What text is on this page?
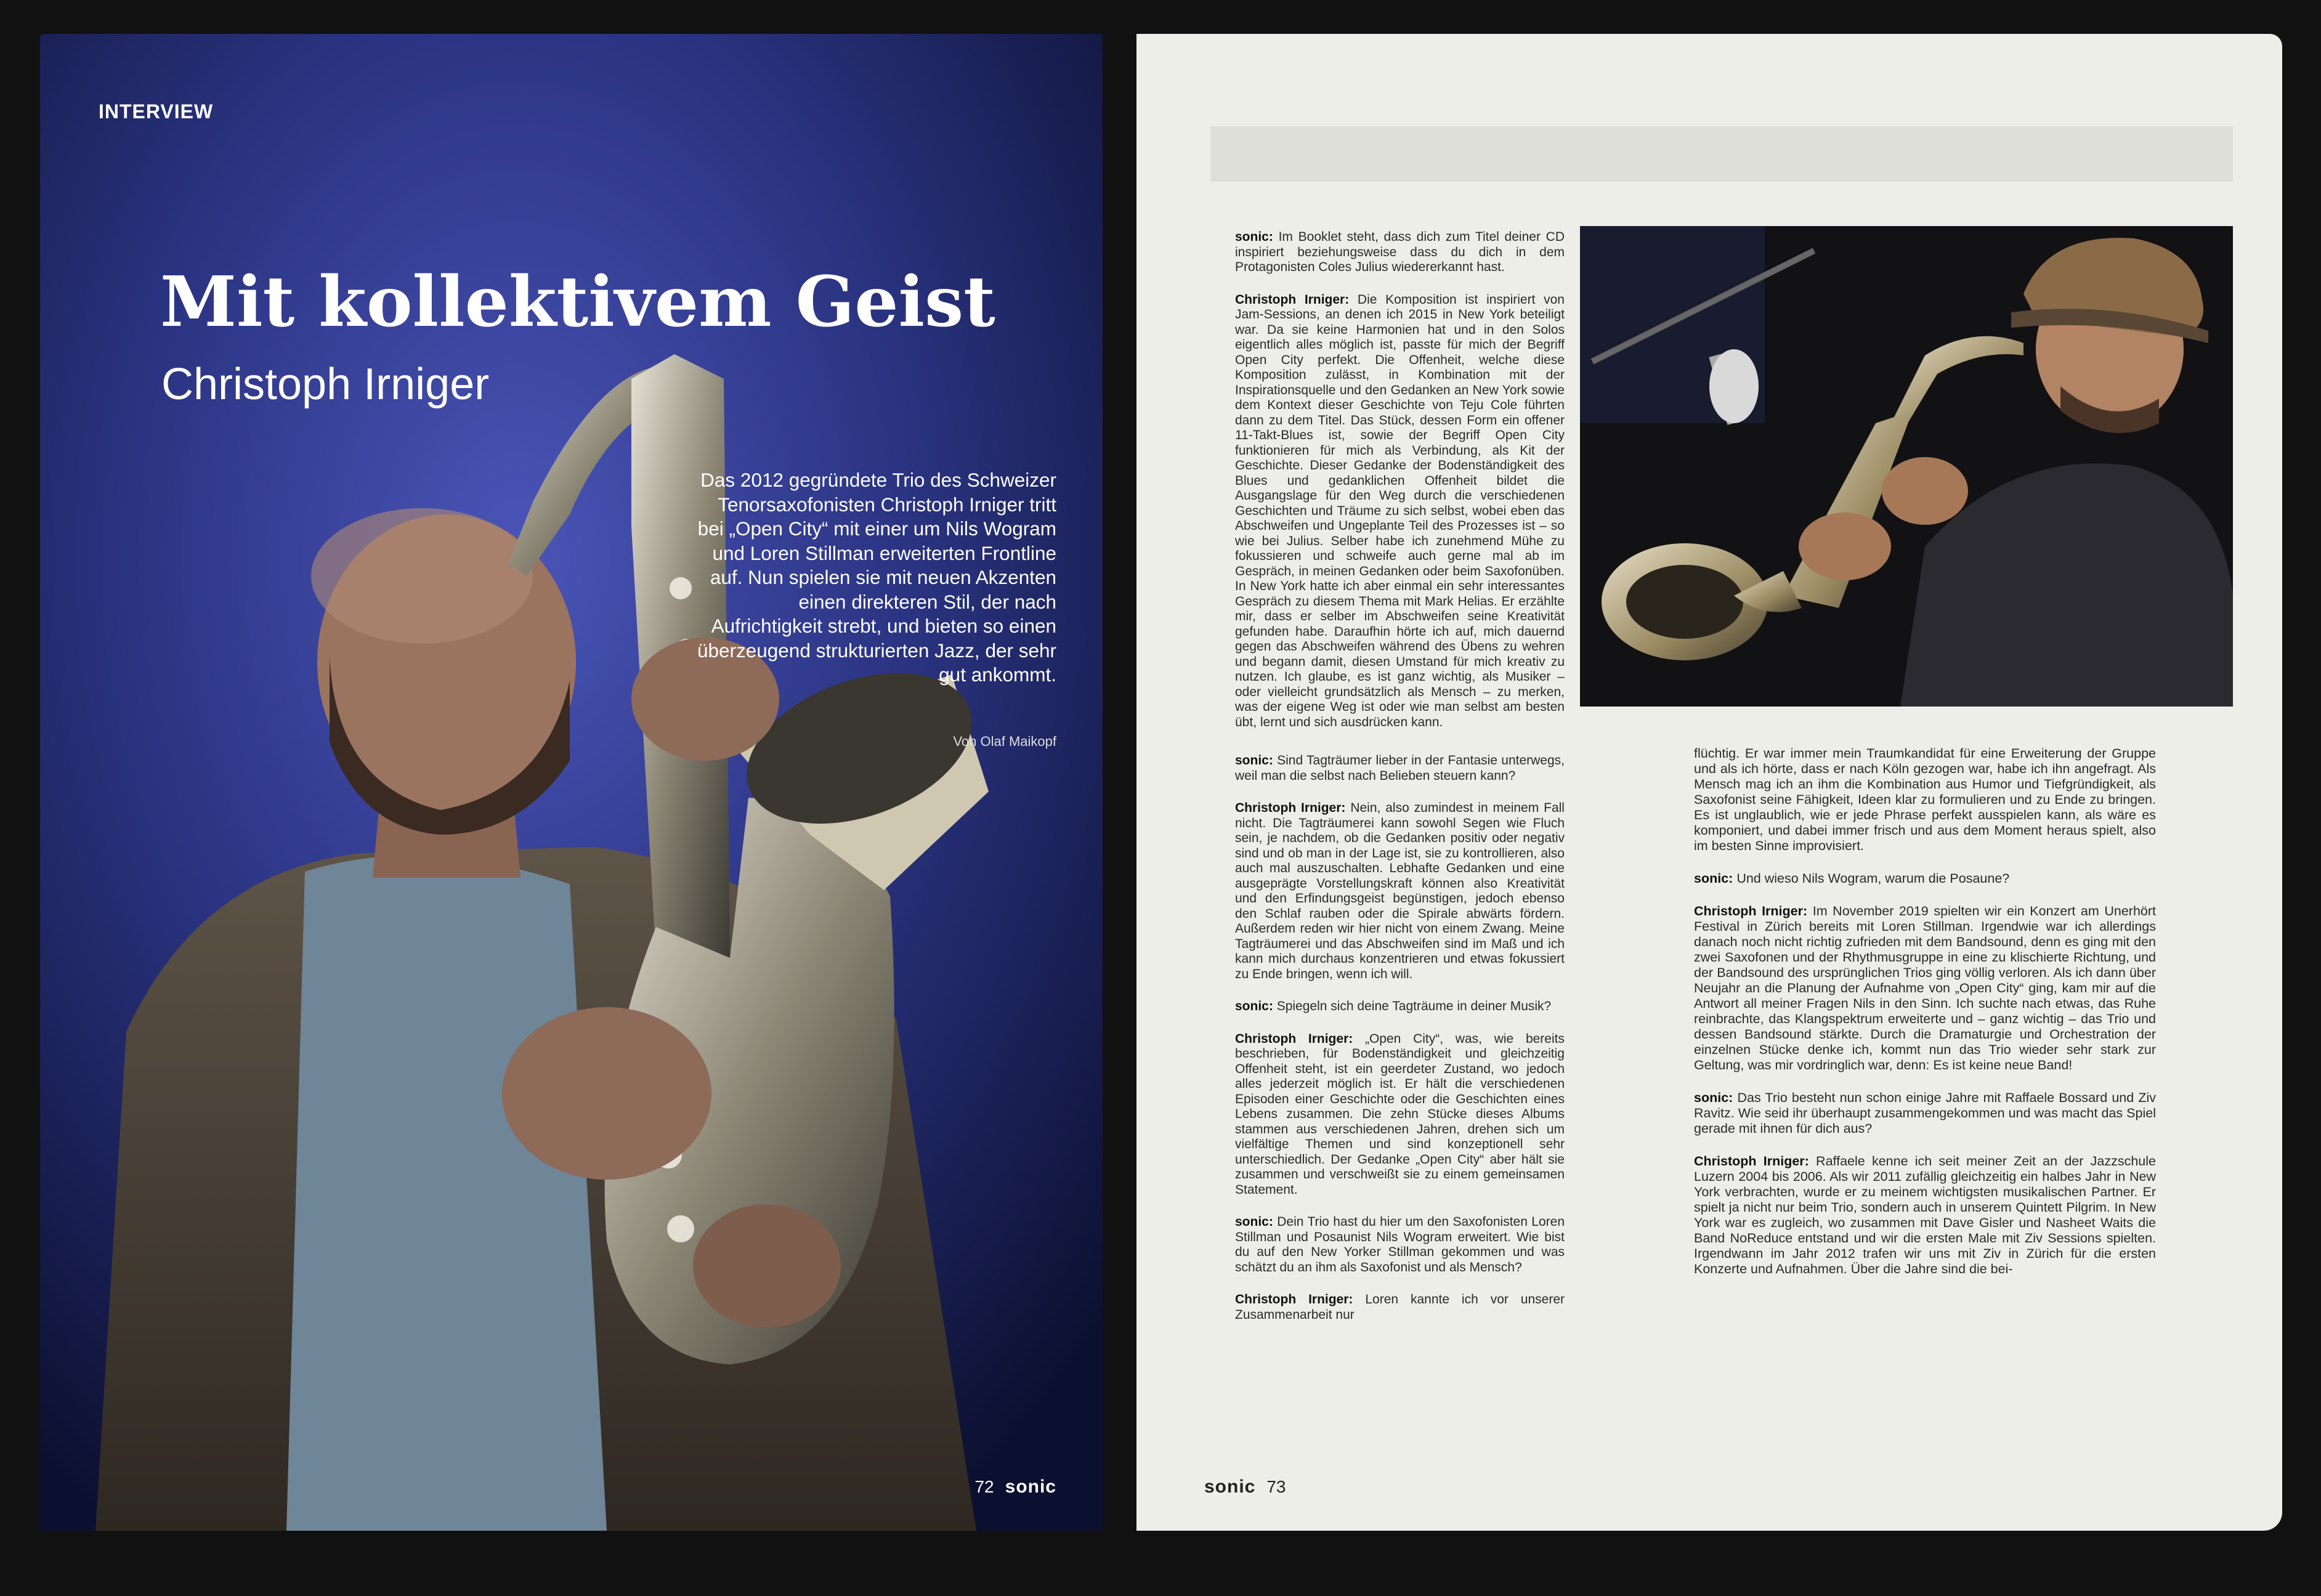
INTERVIEW
Mit kollektivem Geist
Christoph Irniger
Das 2012 gegründete Trio des Schweizer Tenorsaxofonisten Christoph Irniger tritt bei „Open City“ mit einer um Nils Wogram und Loren Stillman erweiterten Frontline auf. Nun spielen sie mit neuen Akzenten einen direkteren Stil, der nach Aufrichtigkeit strebt, und bieten so einen überzeugend strukturierten Jazz, der sehr gut ankommt.
Von Olaf Maikopf
72 sonic

sonic: Im Booklet steht, dass dich zum Titel deiner CD inspiriert beziehungsweise dass du dich in dem Protagonisten Coles Julius wiedererkannt hast.

Christoph Irniger: Die Komposition ist inspiriert von Jam-Sessions, an denen ich 2015 in New York beteiligt war. Da sie keine Harmonien hat und in den Solos eigentlich alles möglich ist, passte für mich der Begriff Open City perfekt. Die Offenheit, welche diese Komposition zulässt, in Kombination mit der Inspirationsquelle und den Gedanken an New York sowie dem Kontext dieser Geschichte von Teju Cole führten dann zu dem Titel. Das Stück, dessen Form ein offener 11-Takt-Blues ist, sowie der Begriff Open City funktionieren für mich als Verbindung, als Kit der Geschichte. Dieser Gedanke der Bodenständigkeit des Blues und gedanklichen Offenheit bildet die Ausgangslage für den Weg durch die verschiedenen Geschichten und Träume zu sich selbst, wobei eben das Abschweifen und Ungeplante Teil des Prozesses ist – so wie bei Julius. Selber habe ich zunehmend Mühe zu fokussieren und schweife auch gerne mal ab im Gespräch, in meinen Gedanken oder beim Saxofonüben. In New York hatte ich aber einmal ein sehr interessantes Gespräch zu diesem Thema mit Mark Helias. Er erzählte mir, dass er selber im Abschweifen seine Kreativität gefunden habe. Daraufhin hörte ich auf, mich dauernd gegen das Abschweifen während des Übens zu wehren und begann damit, diesen Umstand für mich kreativ zu nutzen. Ich glaube, es ist ganz wichtig, als Musiker – oder vielleicht grundsätzlich als Mensch – zu merken, was der eigene Weg ist oder wie man selbst am besten übt, lernt und sich ausdrücken kann.

sonic: Sind Tagträumer lieber in der Fantasie unterwegs, weil man die selbst nach Belieben steuern kann?

Christoph Irniger: Nein, also zumindest in meinem Fall nicht. Die Tagträumerei kann sowohl Segen wie Fluch sein, je nachdem, ob die Gedanken positiv oder negativ sind und ob man in der Lage ist, sie zu kontrollieren, also auch mal auszuschalten. Lebhafte Gedanken und eine ausgeprägte Vorstellungskraft können also Kreativität und den Erfindungsgeist begünstigen, jedoch ebenso den Schlaf rauben oder die Spirale abwärts fördern. Außerdem reden wir hier nicht von einem Zwang. Meine Tagträumerei und das Abschweifen sind im Maß und ich kann mich durchaus konzentrieren und etwas fokussiert zu Ende bringen, wenn ich will.

sonic: Spiegeln sich deine Tagträume in deiner Musik?

Christoph Irniger: „Open City“, was, wie bereits beschrieben, für Bodenständigkeit und gleichzeitig Offenheit steht, ist ein geerdeter Zustand, wo jedoch alles jederzeit möglich ist. Er hält die verschiedenen Episoden einer Geschichte oder die Geschichten eines Lebens zusammen. Die zehn Stücke dieses Albums stammen aus verschiedenen Jahren, drehen sich um vielfältige Themen und sind konzeptionell sehr unterschiedlich. Der Gedanke „Open City“ aber hält sie zusammen und verschweißt sie zu einem gemeinsamen Statement.

sonic: Dein Trio hast du hier um den Saxofonisten Loren Stillman und Posaunist Nils Wogram erweitert. Wie bist du auf den New Yorker Stillman gekommen und was schätzt du an ihm als Saxofonist und als Mensch?

Christoph Irniger: Loren kannte ich vor unserer Zusammenarbeit nur

flüchtig. Er war immer mein Traumkandidat für eine Erweiterung der Gruppe und als ich hörte, dass er nach Köln gezogen war, habe ich ihn angefragt. Als Mensch mag ich an ihm die Kombination aus Humor und Tiefgründigkeit, als Saxofonist seine Fähigkeit, Ideen klar zu formulieren und zu Ende zu bringen. Es ist unglaublich, wie er jede Phrase perfekt ausspielen kann, als wäre es komponiert, und dabei immer frisch und aus dem Moment heraus spielt, also im besten Sinne improvisiert.

sonic: Und wieso Nils Wogram, warum die Posaune?

Christoph Irniger: Im November 2019 spielten wir ein Konzert am Unerhört Festival in Zürich bereits mit Loren Stillman. Irgendwie war ich allerdings danach noch nicht richtig zufrieden mit dem Bandsound, denn es ging mit den zwei Saxofonen und der Rhythmusgruppe in eine zu klischierte Richtung, und der Bandsound des ursprünglichen Trios ging völlig verloren. Als ich dann über Neujahr an die Planung der Aufnahme von „Open City“ ging, kam mir auf die Antwort all meiner Fragen Nils in den Sinn. Ich suchte nach etwas, das Ruhe reinbrachte, das Klangspektrum erweiterte und – ganz wichtig – das Trio und dessen Bandsound stärkte. Durch die Dramaturgie und Orchestration der einzelnen Stücke denke ich, kommt nun das Trio wieder sehr stark zur Geltung, was mir vordringlich war, denn: Es ist keine neue Band!

sonic: Das Trio besteht nun schon einige Jahre mit Raffaele Bossard und Ziv Ravitz. Wie seid ihr überhaupt zusammengekommen und was macht das Spiel gerade mit ihnen für dich aus?

Christoph Irniger: Raffaele kenne ich seit meiner Zeit an der Jazzschule Luzern 2004 bis 2006. Als wir 2011 zufällig gleichzeitig ein halbes Jahr in New York verbrachten, wurde er zu meinem wichtigsten musikalischen Partner. Er spielt ja nicht nur beim Trio, sondern auch in unserem Quintett Pilgrim. In New York war es zugleich, wo zusammen mit Dave Gisler und Nasheet Waits die Band NoReduce entstand und wir die ersten Male mit Ziv Sessions spielten. Irgendwann im Jahr 2012 trafen wir uns mit Ziv in Zürich für die ersten Konzerte und Aufnahmen. Über die Jahre sind die bei-

sonic 73
